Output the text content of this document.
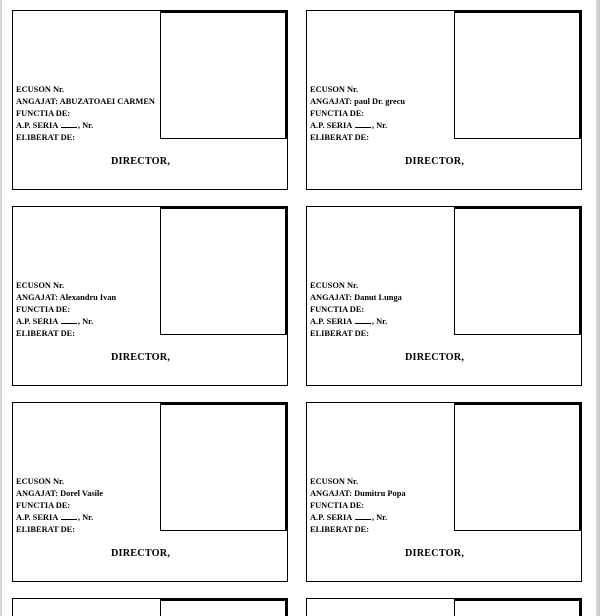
ECUSON Nr.
ANGAJAT: ABUZATOAEI CARMEN
FUNCTIA DE:
A.P. SERIA , Nr.
ELIBERAT DE:
DIRECTOR,
ECUSON Nr.
ANGAJAT: paul Dr. grecu
FUNCTIA DE:
A.P. SERIA , Nr.
ELIBERAT DE:
DIRECTOR,
ECUSON Nr.
ANGAJAT: Alexandru Ivan
FUNCTIA DE:
A.P. SERIA , Nr.
ELIBERAT DE:
DIRECTOR,
ECUSON Nr.
ANGAJAT: Danut Lunga
FUNCTIA DE:
A.P. SERIA , Nr.
ELIBERAT DE:
DIRECTOR,
ECUSON Nr.
ANGAJAT: Dorel Vasile
FUNCTIA DE:
A.P. SERIA , Nr.
ELIBERAT DE:
DIRECTOR,
ECUSON Nr.
ANGAJAT: Dumitru Popa
FUNCTIA DE:
A.P. SERIA , Nr.
ELIBERAT DE:
DIRECTOR,
